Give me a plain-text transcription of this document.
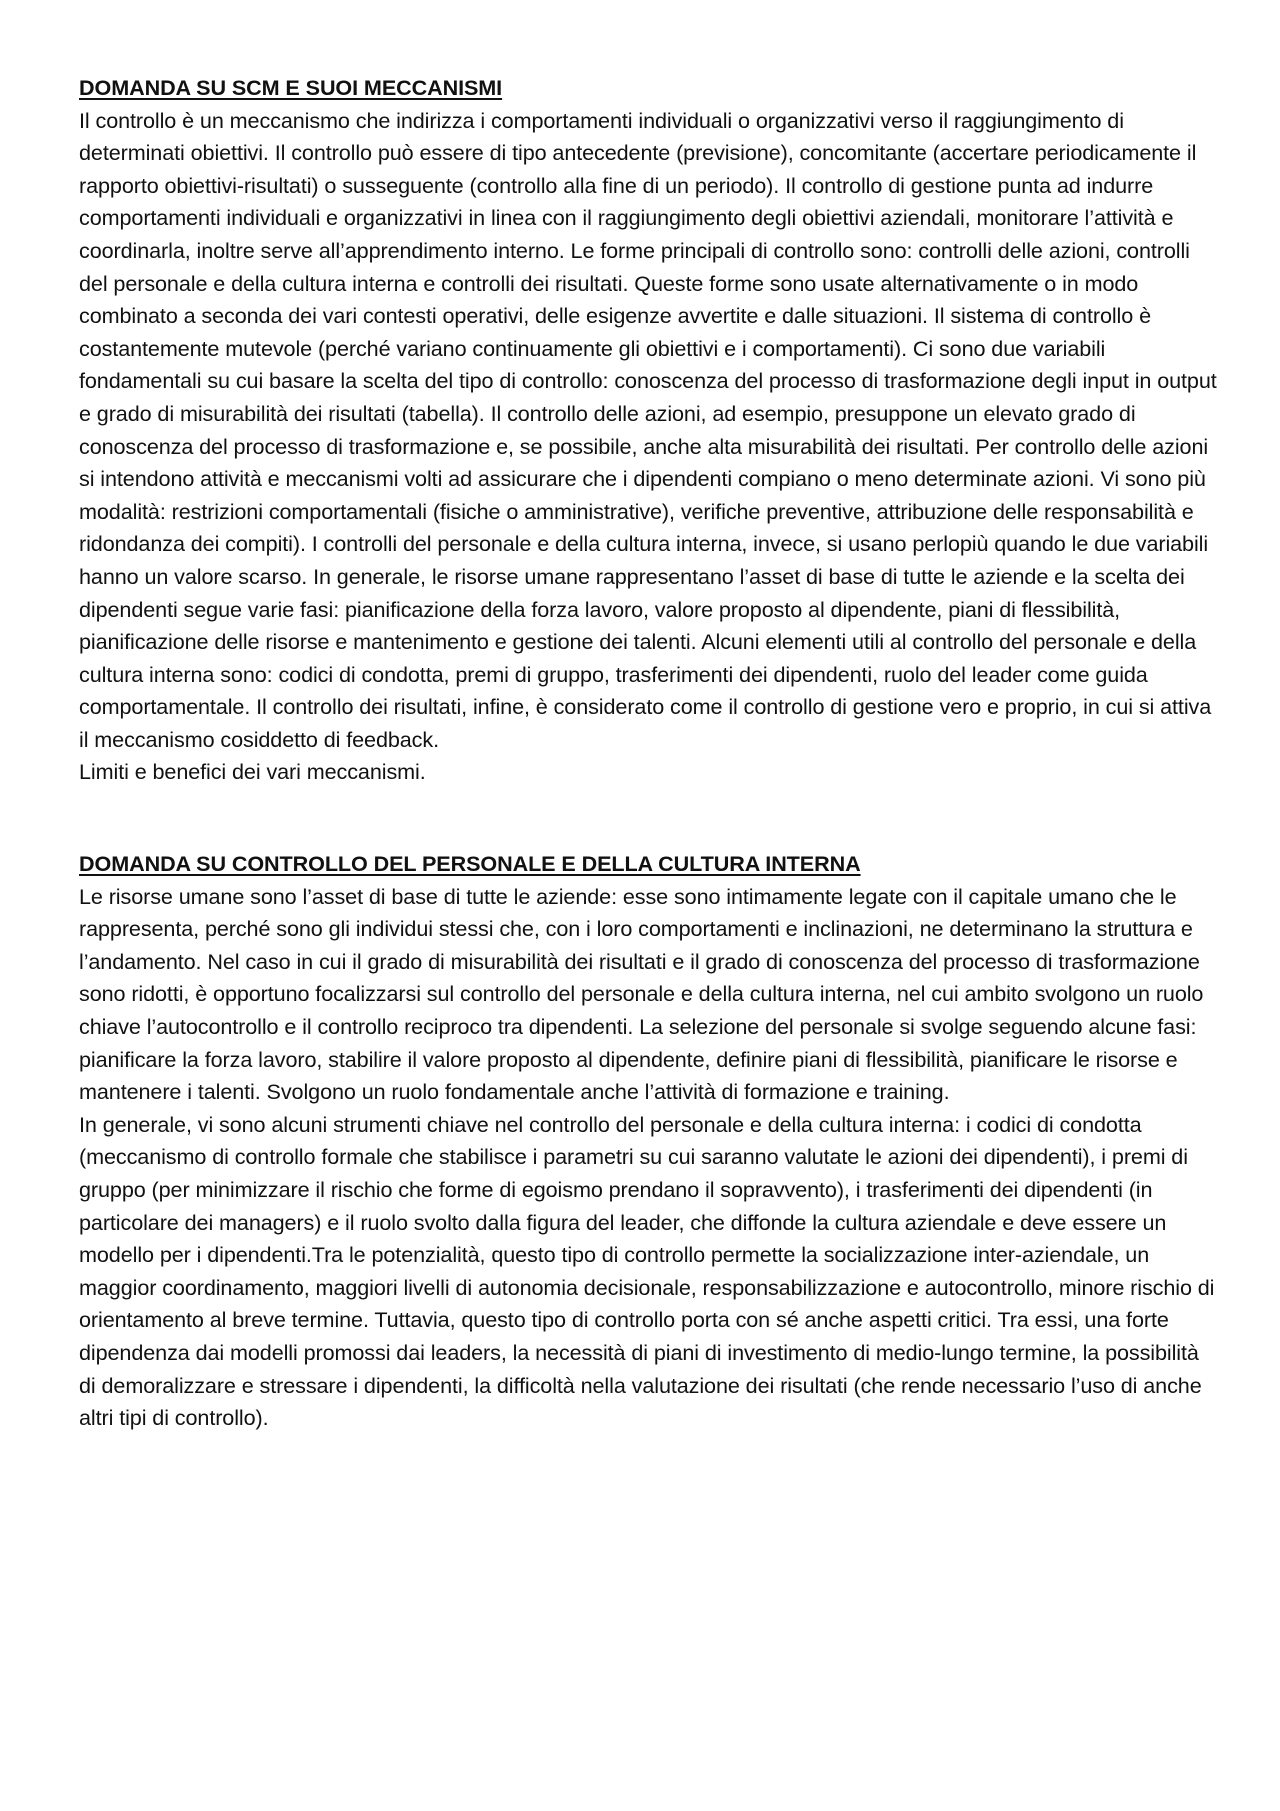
DOMANDA SU SCM E SUOI MECCANISMI

Il controllo è un meccanismo che indirizza i comportamenti individuali o organizzativi verso il raggiungimento di determinati obiettivi. Il controllo può essere di tipo antecedente (previsione), concomitante (accertare periodicamente il rapporto obiettivi-risultati) o susseguente (controllo alla fine di un periodo). Il controllo di gestione punta ad indurre comportamenti individuali e organizzativi in linea con il raggiungimento degli obiettivi aziendali, monitorare l’attività e coordinarla, inoltre serve all’apprendimento interno. Le forme principali di controllo sono: controlli delle azioni, controlli del personale e della cultura interna e controlli dei risultati. Queste forme sono usate alternativamente o in modo combinato a seconda dei vari contesti operativi, delle esigenze avvertite e dalle situazioni. Il sistema di controllo è costantemente mutevole (perché variano continuamente gli obiettivi e i comportamenti). Ci sono due variabili fondamentali su cui basare la scelta del tipo di controllo: conoscenza del processo di trasformazione degli input in output e grado di misurabilità dei risultati (tabella). Il controllo delle azioni, ad esempio, presuppone un elevato grado di conoscenza del processo di trasformazione e, se possibile, anche alta misurabilità dei risultati. Per controllo delle azioni si intendono attività e meccanismi volti ad assicurare che i dipendenti compiano o meno determinate azioni. Vi sono più modalità: restrizioni comportamentali (fisiche o amministrative), verifiche preventive, attribuzione delle responsabilità e ridondanza dei compiti). I controlli del personale e della cultura interna, invece, si usano perlopiù quando le due variabili hanno un valore scarso. In generale, le risorse umane rappresentano l’asset di base di tutte le aziende e la scelta dei dipendenti segue varie fasi: pianificazione della forza lavoro, valore proposto al dipendente, piani di flessibilità, pianificazione delle risorse e mantenimento e gestione dei talenti. Alcuni elementi utili al controllo del personale e della cultura interna sono: codici di condotta, premi di gruppo, trasferimenti dei dipendenti, ruolo del leader come guida comportamentale. Il controllo dei risultati, infine, è considerato come il controllo di gestione vero e proprio, in cui si attiva il meccanismo cosiddetto di feedback.

Limiti e benefici dei vari meccanismi.

DOMANDA SU CONTROLLO DEL PERSONALE E DELLA CULTURA INTERNA

Le risorse umane sono l’asset di base di tutte le aziende: esse sono intimamente legate con il capitale umano che le rappresenta, perché sono gli individui stessi che, con i loro comportamenti e inclinazioni, ne determinano la struttura e l’andamento. Nel caso in cui il grado di misurabilità dei risultati e il grado di conoscenza del processo di trasformazione sono ridotti, è opportuno focalizzarsi sul controllo del personale e della cultura interna, nel cui ambito svolgono un ruolo chiave l’autocontrollo e il controllo reciproco tra dipendenti. La selezione del personale si svolge seguendo alcune fasi: pianificare la forza lavoro, stabilire il valore proposto al dipendente, definire piani di flessibilità, pianificare le risorse e mantenere i talenti. Svolgono un ruolo fondamentale anche l’attività di formazione e training.

In generale, vi sono alcuni strumenti chiave nel controllo del personale e della cultura interna: i codici di condotta (meccanismo di controllo formale che stabilisce i parametri su cui saranno valutate le azioni dei dipendenti), i premi di gruppo (per minimizzare il rischio che forme di egoismo prendano il sopravvento), i trasferimenti dei dipendenti (in particolare dei managers) e il ruolo svolto dalla figura del leader, che diffonde la cultura aziendale e deve essere un modello per i dipendenti.Tra le potenzialità, questo tipo di controllo permette la socializzazione inter-aziendale, un maggior coordinamento, maggiori livelli di autonomia decisionale, responsabilizzazione e autocontrollo, minore rischio di orientamento al breve termine. Tuttavia, questo tipo di controllo porta con sé anche aspetti critici. Tra essi, una forte dipendenza dai modelli promossi dai leaders, la necessità di piani di investimento di medio-lungo termine, la possibilità di demoralizzare e stressare i dipendenti, la difficoltà nella valutazione dei risultati (che rende necessario l’uso di anche altri tipi di controllo).
